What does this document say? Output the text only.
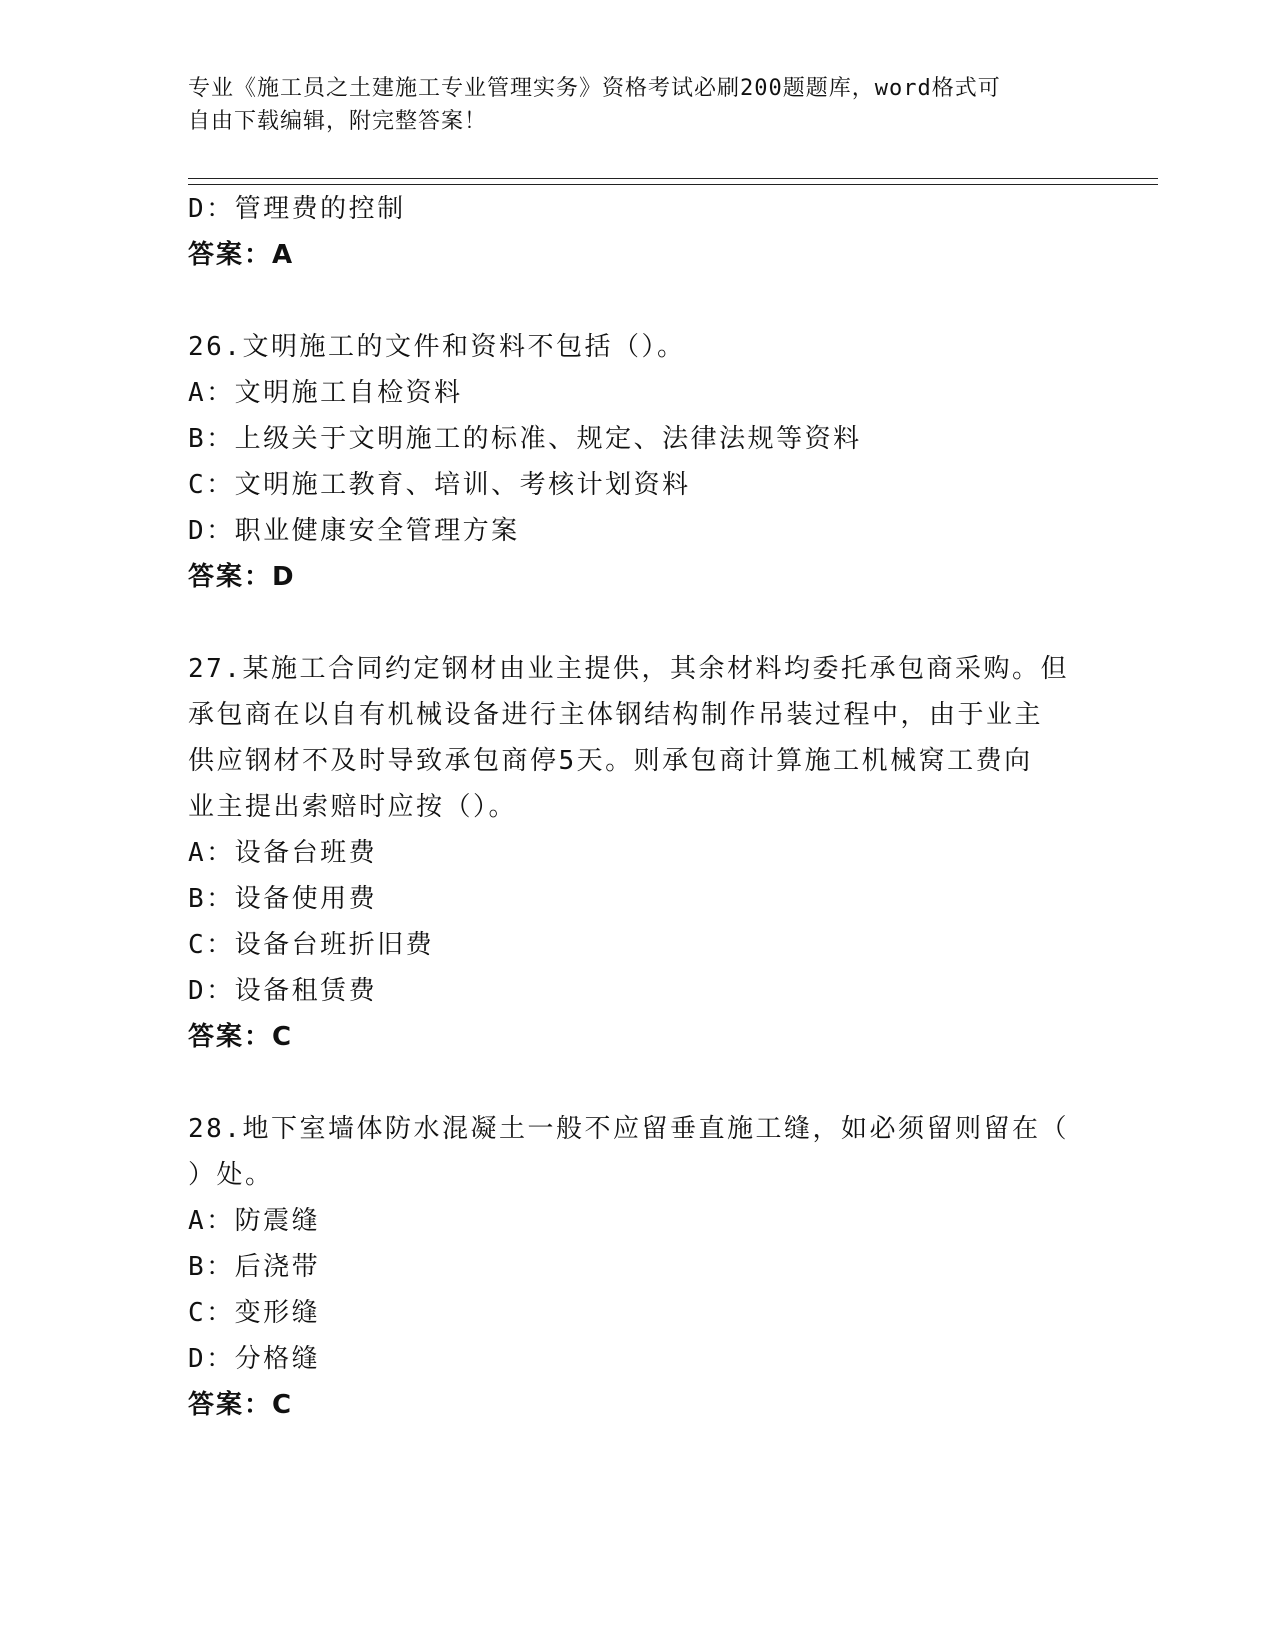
专业《施工员之土建施工专业管理实务》资格考试必刷200题题库，word格式可
自由下载编辑，附完整答案！

D：管理费的控制

答案：A

26.文明施工的文件和资料不包括（）。

A：文明施工自检资料

B：上级关于文明施工的标准、规定、法律法规等资料

C：文明施工教育、培训、考核计划资料

D：职业健康安全管理方案

答案：D

27.某施工合同约定钢材由业主提供，其余材料均委托承包商采购。但

承包商在以自有机械设备进行主体钢结构制作吊装过程中，由于业主

供应钢材不及时导致承包商停5天。则承包商计算施工机械窝工费向

业主提出索赔时应按（）。

A：设备台班费

B：设备使用费

C：设备台班折旧费

D：设备租赁费

答案：C

28.地下室墙体防水混凝土一般不应留垂直施工缝，如必须留则留在（

）处。

A：防震缝

B：后浇带

C：变形缝

D：分格缝

答案：C
